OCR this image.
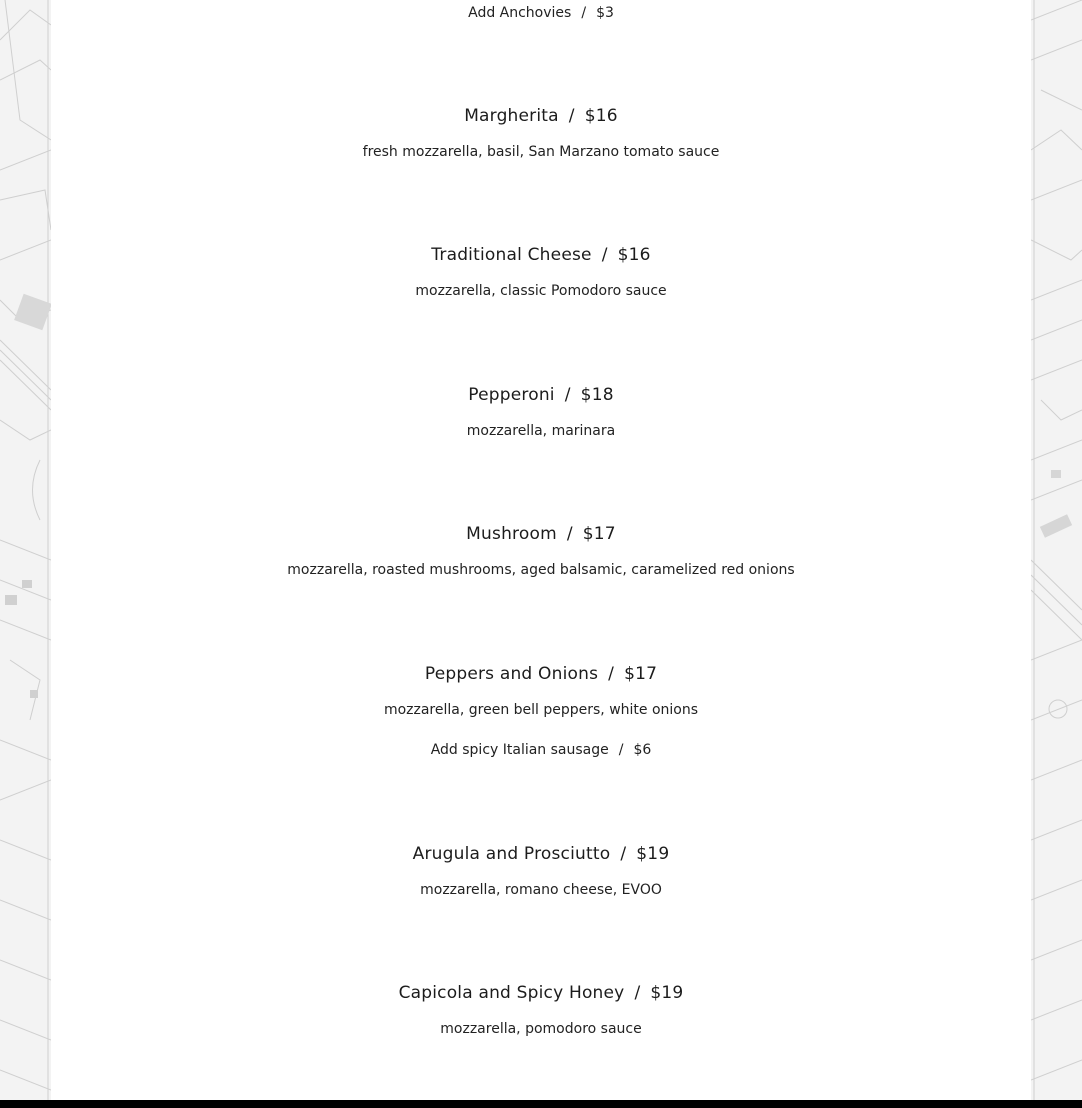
Add Anchovies / $3
Margherita / $16
fresh mozzarella, basil, San Marzano tomato sauce
Traditional Cheese / $16
mozzarella, classic Pomodoro sauce
Pepperoni / $18
mozzarella, marinara
Mushroom / $17
mozzarella, roasted mushrooms, aged balsamic, caramelized red onions
Peppers and Onions / $17
mozzarella, green bell peppers, white onions
Add spicy Italian sausage / $6
Arugula and Prosciutto / $19
mozzarella, romano cheese, EVOO
Capicola and Spicy Honey / $19
mozzarella, pomodoro sauce
